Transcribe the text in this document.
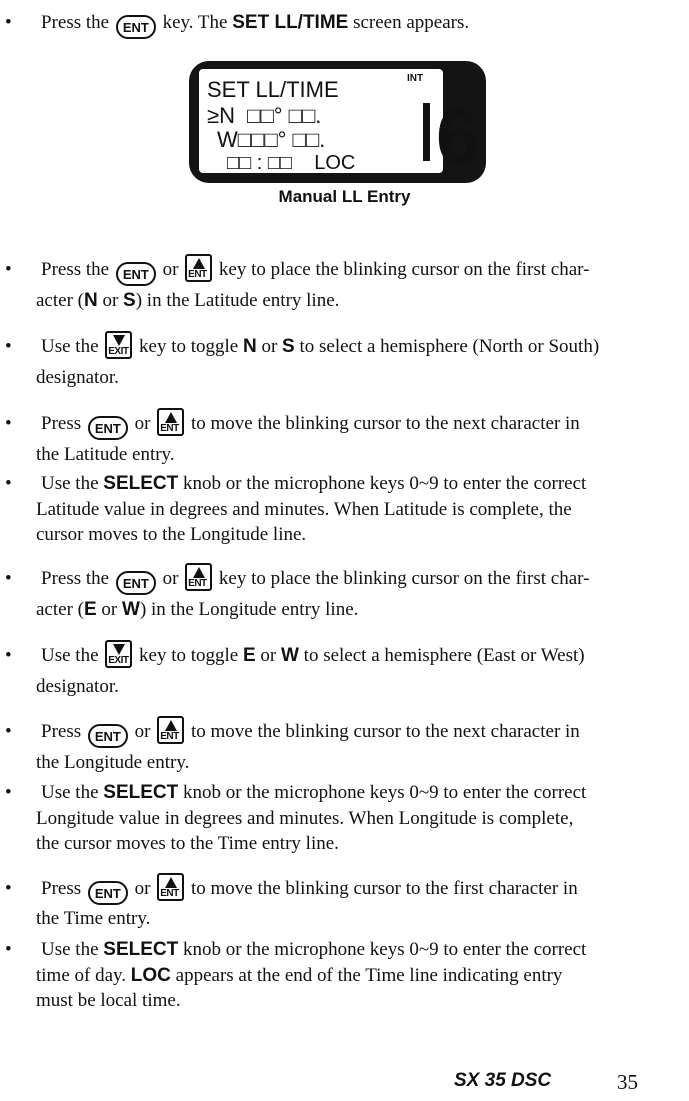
• Press the ENT key. The SET LL/TIME screen appears.
SET LL/TIME
≥N  □□° □□.
W□□□° □□.
□□ : □□    LOC
INT
6
Manual LL Entry
• Press the ENT or ENT key to place the blinking cursor on the first char-
acter (N or S) in the Latitude entry line.
• Use the EXIT key to toggle N or S to select a hemisphere (North or South)
designator.
• Press ENT or ENT to move the blinking cursor to the next character in
the Latitude entry.
• Use the SELECT knob or the microphone keys 0~9 to enter the correct
Latitude value in degrees and minutes. When Latitude is complete, the
cursor moves to the Longitude line.
• Press the ENT or ENT key to place the blinking cursor on the first char-
acter (E or W) in the Longitude entry line.
• Use the EXIT key to toggle E or W to select a hemisphere (East or West)
designator.
• Press ENT or ENT to move the blinking cursor to the next character in
the Longitude entry.
• Use the SELECT knob or the microphone keys 0~9 to enter the correct
Longitude value in degrees and minutes. When Longitude is complete,
the cursor moves to the Time entry line.
• Press ENT or ENT to move the blinking cursor to the first character in
the Time entry.
• Use the SELECT knob or the microphone keys 0~9 to enter the correct
time of day. LOC appears at the end of the Time line indicating entry
must be local time.
SX 35 DSC	35
